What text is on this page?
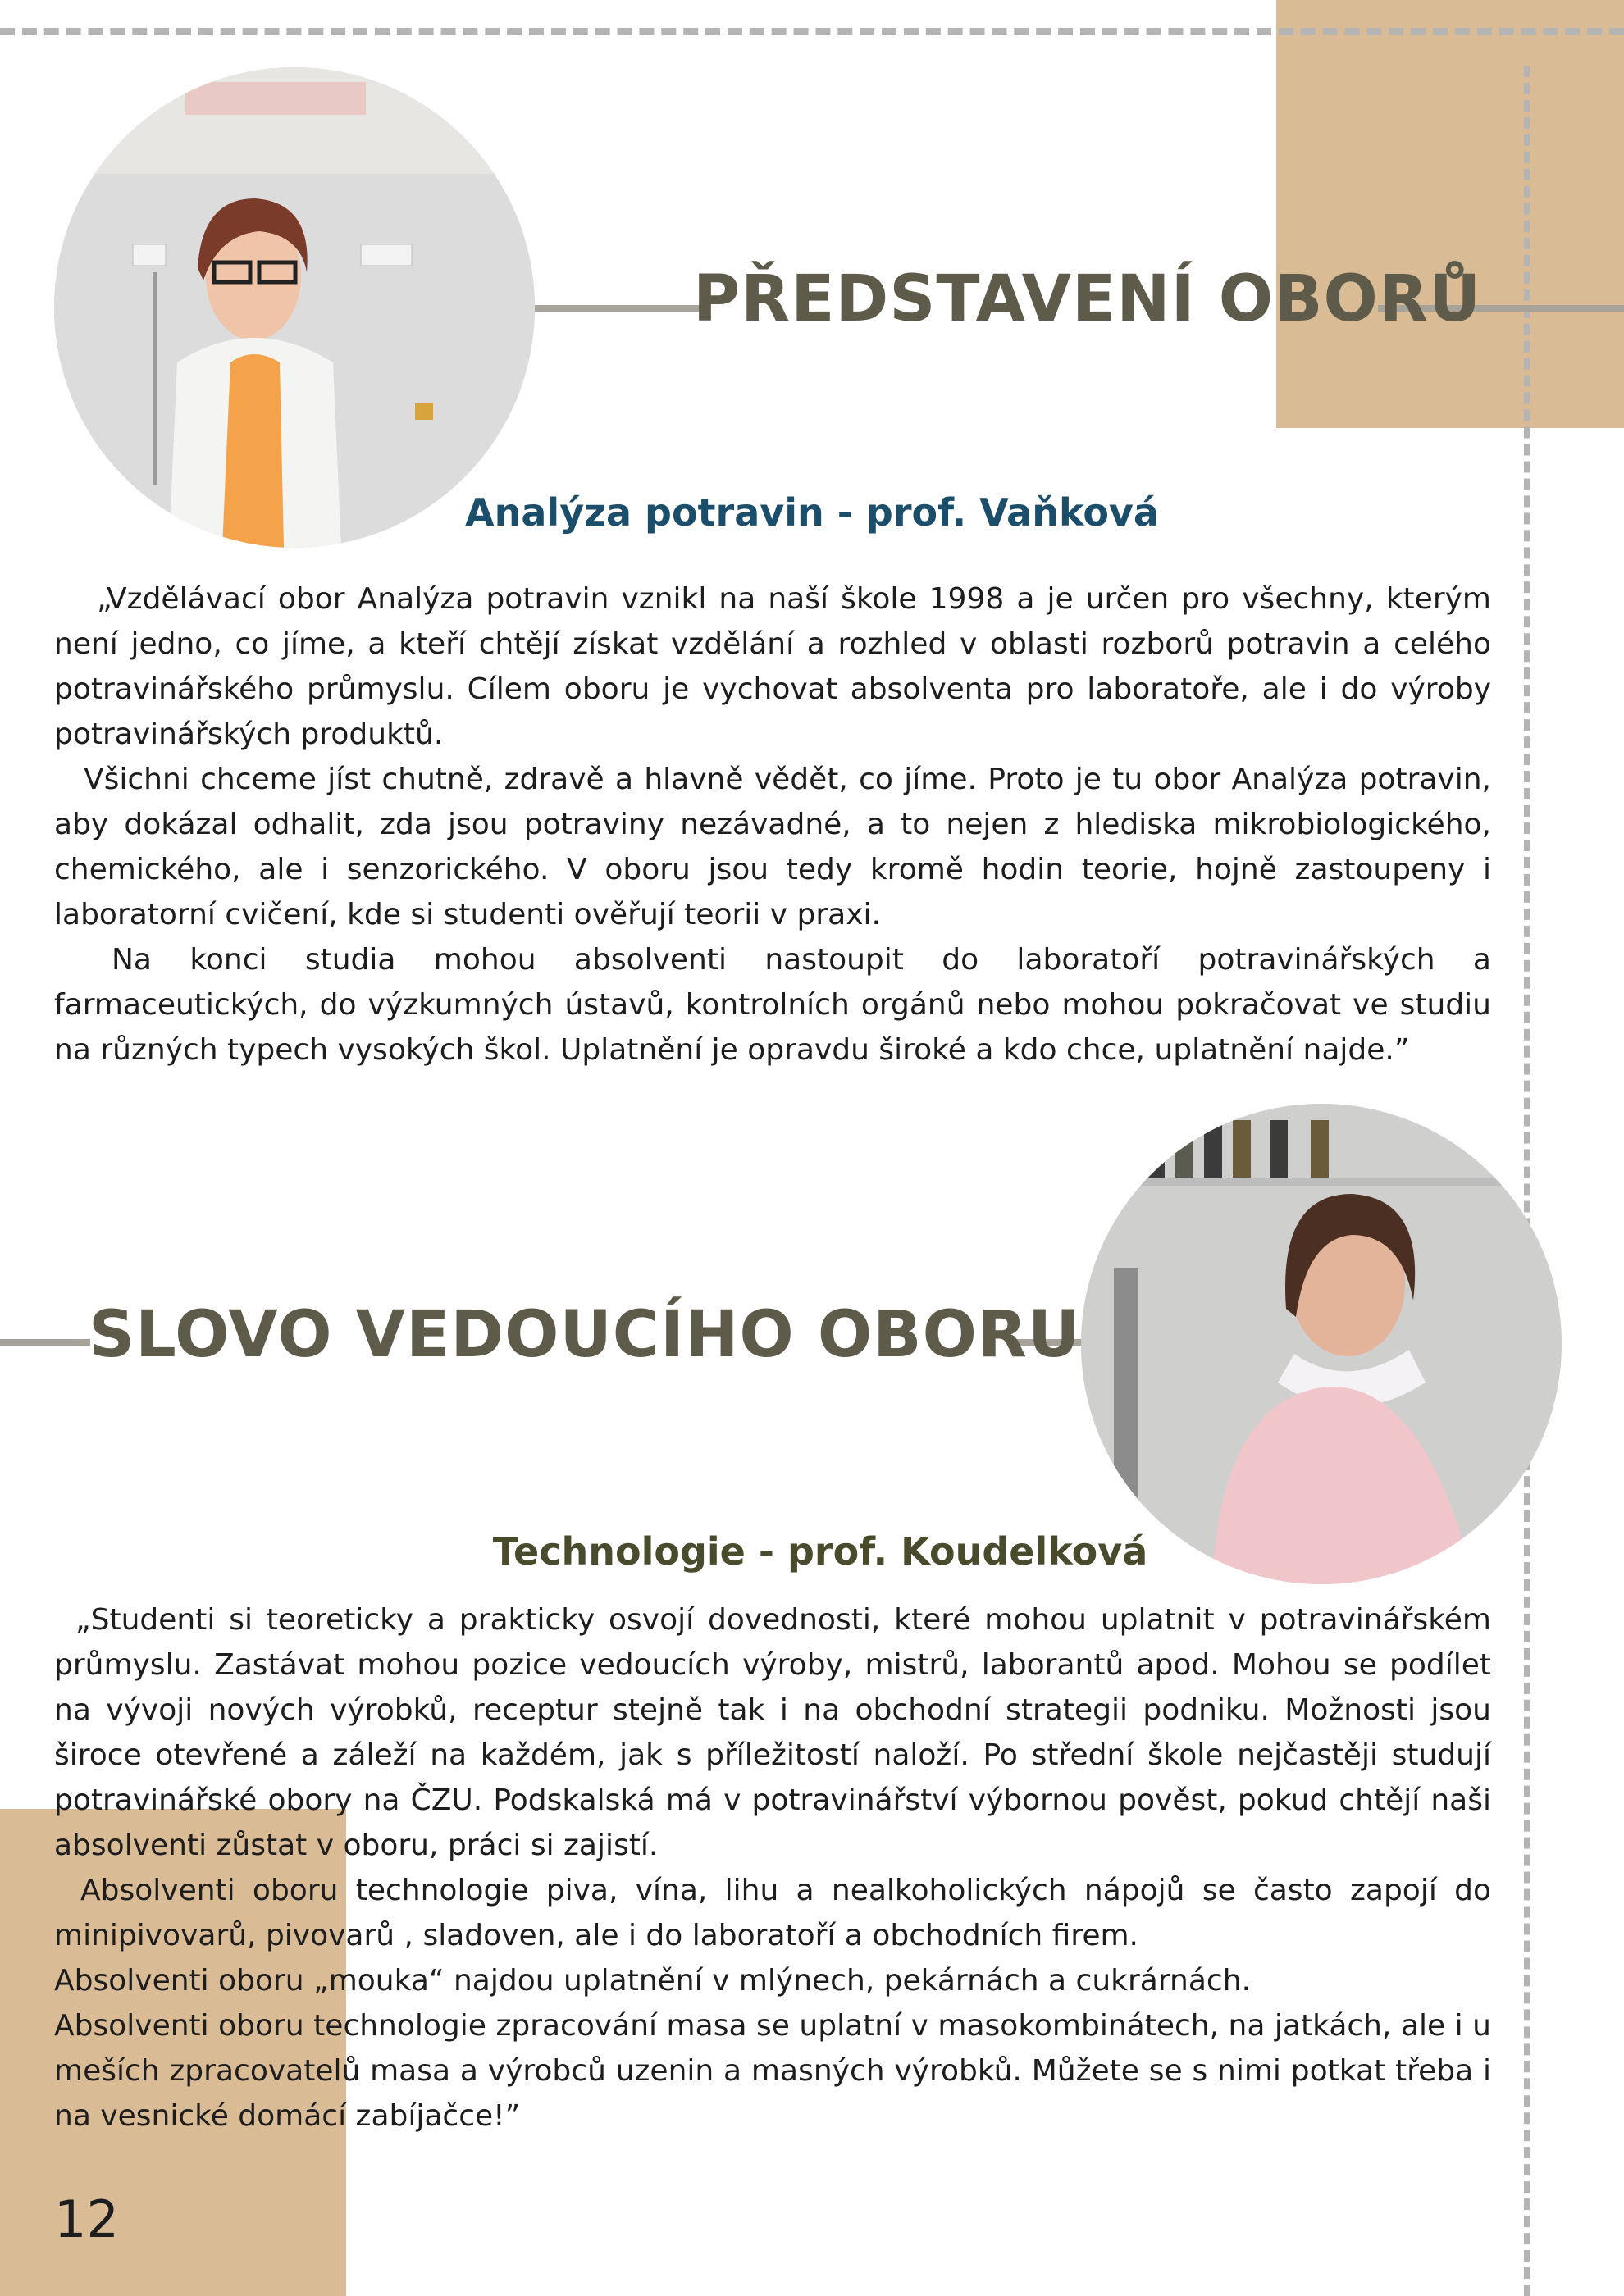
PŘEDSTAVENÍ OBORŮ
Analýza potravin - prof. Vaňková

„Vzdělávací obor Analýza potravin vznikl na naší škole 1998 a je určen pro všechny, kterým není jedno, co jíme, a kteří chtějí získat vzdělání a rozhled v oblasti rozborů potravin a celého potravinářského průmyslu. Cílem oboru je vychovat absolventa pro laboratoře, ale i do výroby potravinářských produktů.

Všichni chceme jíst chutně, zdravě a hlavně vědět, co jíme. Proto je tu obor Analýza potravin, aby dokázal odhalit, zda jsou potraviny nezávadné, a to nejen z hlediska mikrobiologického, chemického, ale i senzorického. V oboru jsou tedy kromě hodin teorie, hojně zastoupeny i laboratorní cvičení, kde si studenti ověřují teorii v praxi.

Na konci studia mohou absolventi nastoupit do laboratoří potravinářských a farmaceutických, do výzkumných ústavů, kontrolních orgánů nebo mohou pokračovat ve studiu na různých typech vysokých škol. Uplatnění je opravdu široké a kdo chce, uplatnění najde.”

SLOVO VEDOUCÍHO OBORU
Technologie - prof. Koudelková

„Studenti si teoreticky a prakticky osvojí dovednosti, které mohou uplatnit v potravinářském průmyslu. Zastávat mohou pozice vedoucích výroby, mistrů, laborantů apod. Mohou se podílet na vývoji nových výrobků, receptur stejně tak i na obchodní strategii podniku. Možnosti jsou široce otevřené a záleží na každém, jak s příležitostí naloží. Po střední škole nejčastěji studují potravinářské obory na ČZU. Podskalská má v potravinářství výbornou pověst, pokud chtějí naši absolventi zůstat v oboru, práci si zajistí.

Absolventi oboru technologie piva, vína, lihu a nealkoholických nápojů se často zapojí do minipivovarů, pivovarů , sladoven, ale i do laboratoří a obchodních firem.

Absolventi oboru „mouka“ najdou uplatnění v mlýnech, pekárnách a cukrárnách.

Absolventi oboru technologie zpracování masa se uplatní v masokombinátech, na jatkách, ale i u meších zpracovatelů masa a výrobců uzenin a masných výrobků. Můžete se s nimi potkat třeba i na vesnické domácí zabíjačce!”

12
